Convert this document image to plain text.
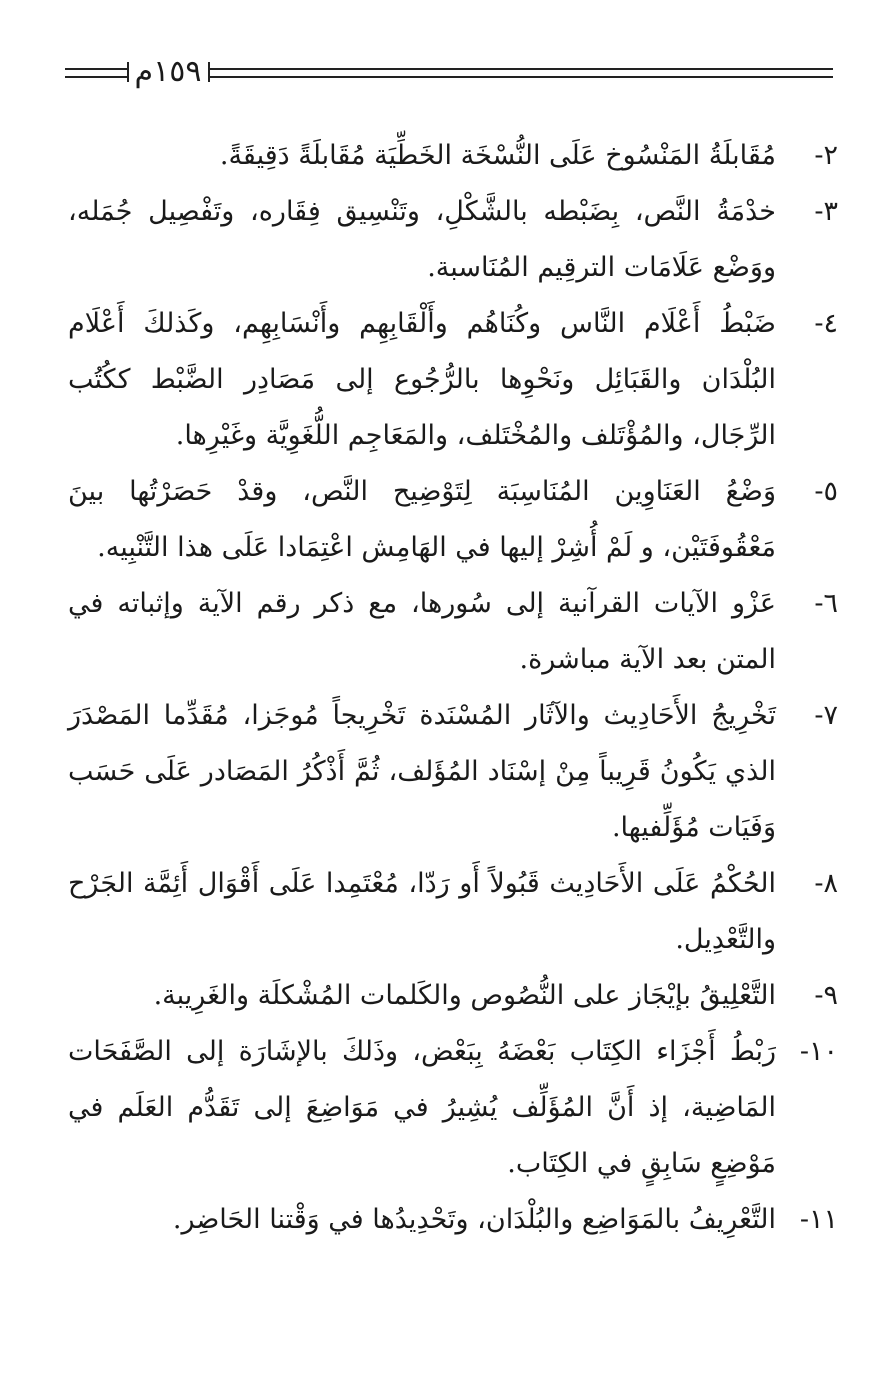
١٥٩م

٢-
مُقَابلَةُ المَنْسُوخ عَلَى النُّسْخَة الخَطِّيَة مُقَابلَةً دَقِيقَةً.

٣-
خدْمَةُ النَّص، بِضَبْطه بالشَّكْلِ، وتَنْسِيق فِقَاره، وتَفْصِيل جُمَله، ووَضْع عَلَامَات الترقِيم المُنَاسبة.

٤-
ضَبْطُ أَعْلَام النَّاس وكُنَاهُم وأَلْقَابِهِم وأَنْسَابِهِم، وكَذلكَ أَعْلَام البُلْدَان والقَبَائِل ونَحْوِها بالرُّجُوع إلى مَصَادِر الضَّبْط ككُتُب الرِّجَال، والمُؤْتَلف والمُخْتَلف، والمَعَاجِم اللُّغَوِيَّة وغَيْرِها.

٥-
وَضْعُ العَنَاوِين المُنَاسِبَة لِتَوْضِيح النَّص، وقدْ حَصَرْتُها بينَ مَعْقُوفَتَيْن، و لَمْ أُشِرْ إليها في الهَامِش اعْتِمَادا عَلَى هذا التَّنْبِيه.

٦-
عَزْو الآيات القرآنية إلى سُورها، مع ذكر رقم الآية وإثباته في المتن بعد الآية مباشرة.

٧-
تَخْرِيجُ الأَحَادِيث والآثَار المُسْنَدة تَخْرِيجاً مُوجَزا، مُقَدِّما المَصْدَرَ الذي يَكُونُ قَرِيباً مِنْ إسْنَاد المُؤَلف، ثُمَّ أَذْكُرُ المَصَادر عَلَى حَسَب وَفَيَات مُؤَلِّفيها.

٨-
الحُكْمُ عَلَى الأَحَادِيث قَبُولاً أَو رَدّا، مُعْتَمِدا عَلَى أَقْوَال أَئِمَّة الجَرْح والتَّعْدِيل.

٩-
التَّعْلِيقُ بإيْجَاز على النُّصُوص والكَلمات المُشْكلَة والغَرِيبة.

١٠-
رَبْطُ أَجْزَاء الكِتَاب بَعْضَهُ بِبَعْض، وذَلكَ بالإشَارَة إلى الصَّفَحَات المَاضِية، إذ أَنَّ المُؤَلِّف يُشِيرُ في مَوَاضِعَ إلى تَقَدُّم العَلَم في مَوْضِعٍ سَابِقٍ في الكِتَاب.

١١-
التَّعْرِيفُ بالمَوَاضِع والبُلْدَان، وتَحْدِيدُها في وَقْتنا الحَاضِر.
